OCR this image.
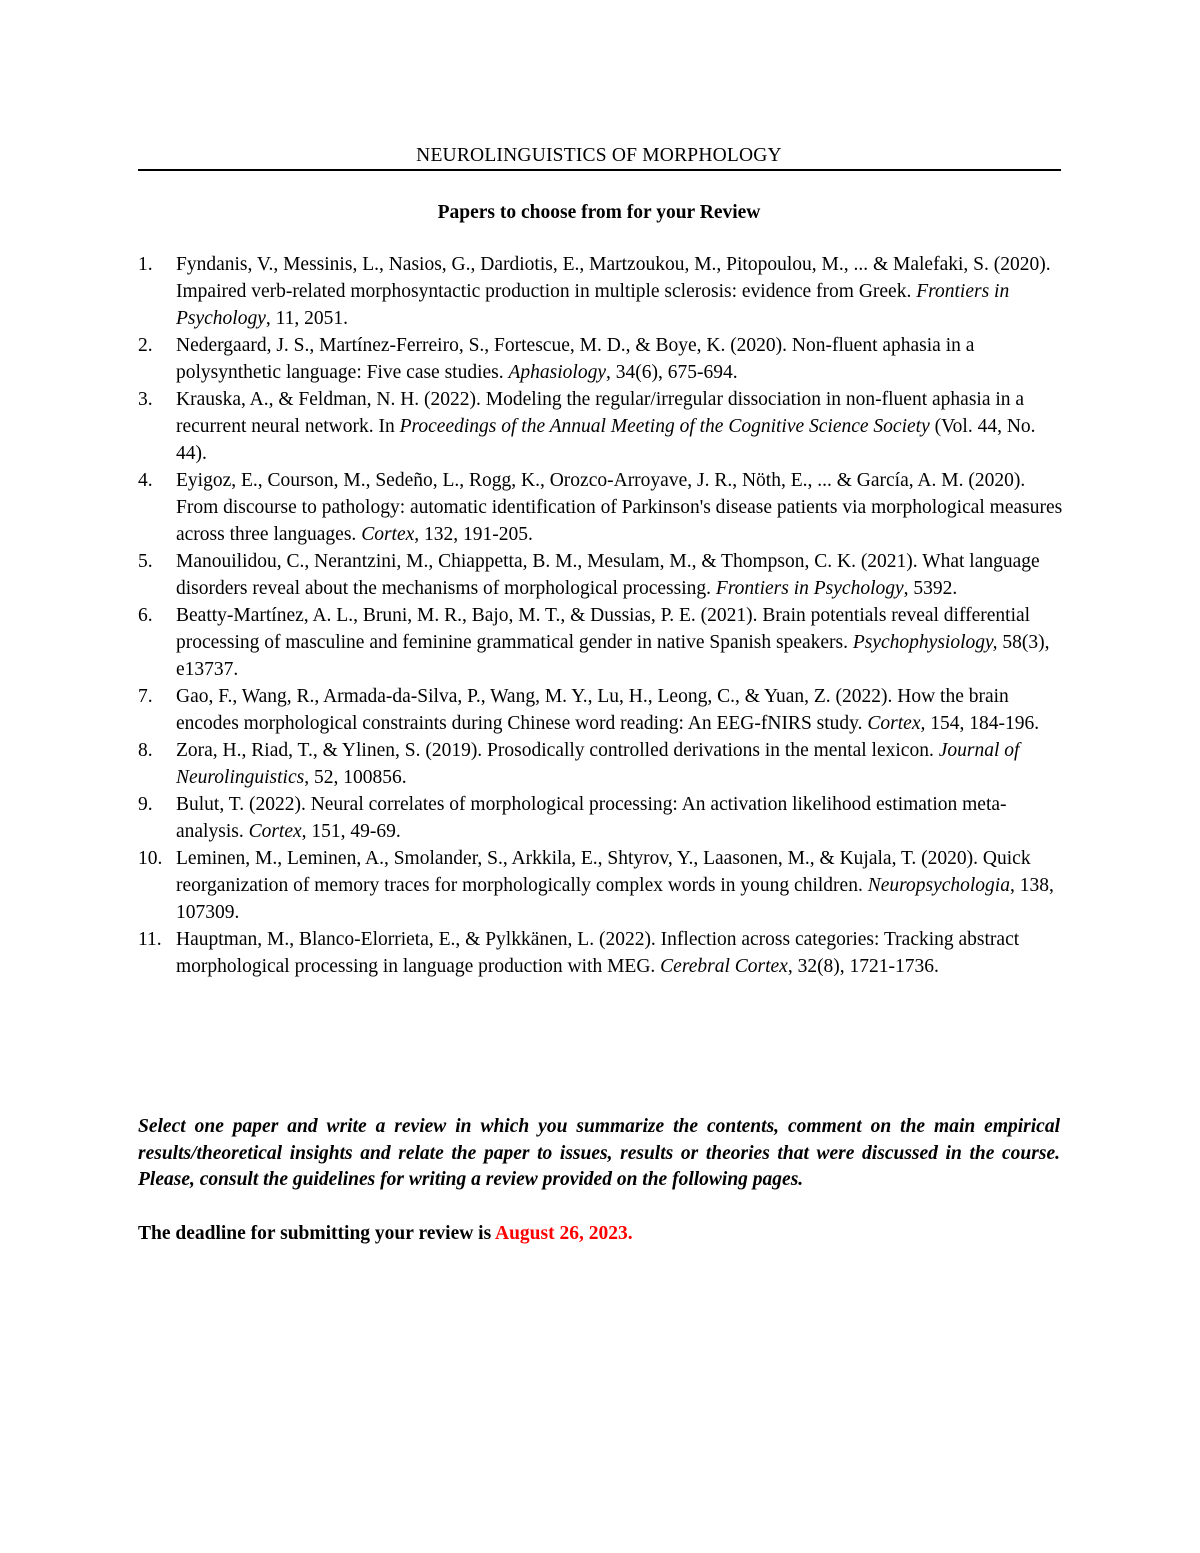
NEUROLINGUISTICS OF MORPHOLOGY
Papers to choose from for your Review
1. Fyndanis, V., Messinis, L., Nasios, G., Dardiotis, E., Martzoukou, M., Pitopoulou, M., ... & Malefaki, S. (2020). Impaired verb-related morphosyntactic production in multiple sclerosis: evidence from Greek. Frontiers in Psychology, 11, 2051.
2. Nedergaard, J. S., Martínez-Ferreiro, S., Fortescue, M. D., & Boye, K. (2020). Non-fluent aphasia in a polysynthetic language: Five case studies. Aphasiology, 34(6), 675-694.
3. Krauska, A., & Feldman, N. H. (2022). Modeling the regular/irregular dissociation in non-fluent aphasia in a recurrent neural network. In Proceedings of the Annual Meeting of the Cognitive Science Society (Vol. 44, No. 44).
4. Eyigoz, E., Courson, M., Sedeño, L., Rogg, K., Orozco-Arroyave, J. R., Nöth, E., ... & García, A. M. (2020). From discourse to pathology: automatic identification of Parkinson's disease patients via morphological measures across three languages. Cortex, 132, 191-205.
5. Manouilidou, C., Nerantzini, M., Chiappetta, B. M., Mesulam, M., & Thompson, C. K. (2021). What language disorders reveal about the mechanisms of morphological processing. Frontiers in Psychology, 5392.
6. Beatty-Martínez, A. L., Bruni, M. R., Bajo, M. T., & Dussias, P. E. (2021). Brain potentials reveal differential processing of masculine and feminine grammatical gender in native Spanish speakers. Psychophysiology, 58(3), e13737.
7. Gao, F., Wang, R., Armada-da-Silva, P., Wang, M. Y., Lu, H., Leong, C., & Yuan, Z. (2022). How the brain encodes morphological constraints during Chinese word reading: An EEG-fNIRS study. Cortex, 154, 184-196.
8. Zora, H., Riad, T., & Ylinen, S. (2019). Prosodically controlled derivations in the mental lexicon. Journal of Neurolinguistics, 52, 100856.
9. Bulut, T. (2022). Neural correlates of morphological processing: An activation likelihood estimation meta-analysis. Cortex, 151, 49-69.
10. Leminen, M., Leminen, A., Smolander, S., Arkkila, E., Shtyrov, Y., Laasonen, M., & Kujala, T. (2020). Quick reorganization of memory traces for morphologically complex words in young children. Neuropsychologia, 138, 107309.
11. Hauptman, M., Blanco-Elorrieta, E., & Pylkkänen, L. (2022). Inflection across categories: Tracking abstract morphological processing in language production with MEG. Cerebral Cortex, 32(8), 1721-1736.
Select one paper and write a review in which you summarize the contents, comment on the main empirical results/theoretical insights and relate the paper to issues, results or theories that were discussed in the course. Please, consult the guidelines for writing a review provided on the following pages.
The deadline for submitting your review is August 26, 2023.
